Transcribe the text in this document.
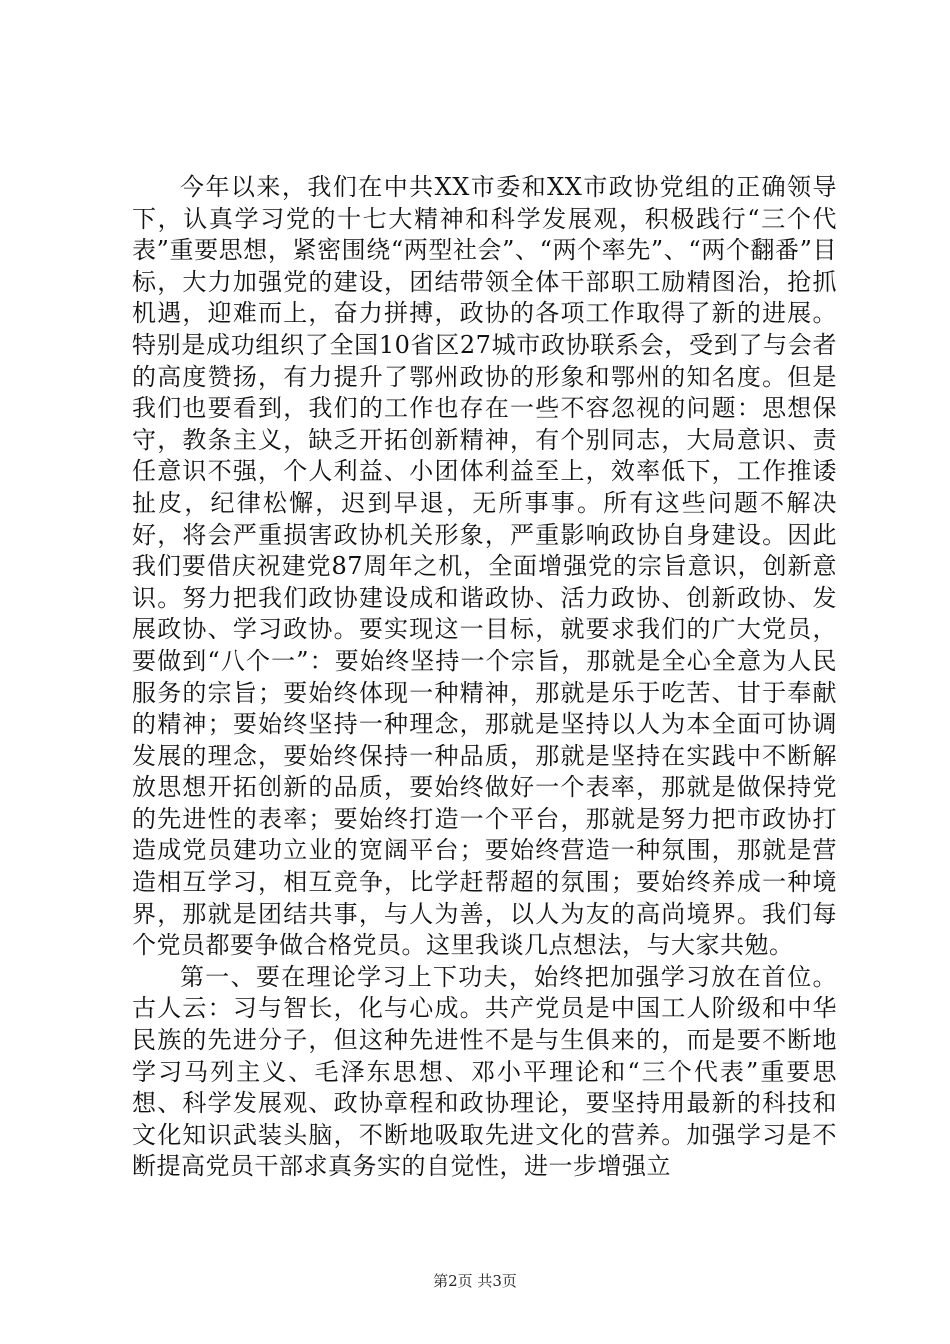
今年以来，我们在中共XX市委和XX市政协党组的正确领导下，认真学习党的十七大精神和科学发展观，积极践行“三个代表”重要思想，紧密围绕“两型社会”、“两个率先”、“两个翻番”目标，大力加强党的建设，团结带领全体干部职工励精图治，抢抓机遇，迎难而上，奋力拼搏，政协的各项工作取得了新的进展。特别是成功组织了全国10省区27城市政协联系会，受到了与会者的高度赞扬，有力提升了鄂州政协的形象和鄂州的知名度。但是我们也要看到，我们的工作也存在一些不容忽视的问题：思想保守，教条主义，缺乏开拓创新精神，有个别同志，大局意识、责任意识不强，个人利益、小团体利益至上，效率低下，工作推诿扯皮，纪律松懈，迟到早退，无所事事。所有这些问题不解决好，将会严重损害政协机关形象，严重影响政协自身建设。因此我们要借庆祝建党87周年之机，全面增强党的宗旨意识，创新意识。努力把我们政协建设成和谐政协、活力政协、创新政协、发展政协、学习政协。要实现这一目标，就要求我们的广大党员，要做到“八个一”：要始终坚持一个宗旨，那就是全心全意为人民服务的宗旨；要始终体现一种精神，那就是乐于吃苦、甘于奉献的精神；要始终坚持一种理念，那就是坚持以人为本全面可协调发展的理念，要始终保持一种品质，那就是坚持在实践中不断解放思想开拓创新的品质，要始终做好一个表率，那就是做保持党的先进性的表率；要始终打造一个平台，那就是努力把市政协打造成党员建功立业的宽阔平台；要始终营造一种氛围，那就是营造相互学习，相互竞争，比学赶帮超的氛围；要始终养成一种境界，那就是团结共事，与人为善，以人为友的高尚境界。我们每个党员都要争做合格党员。这里我谈几点想法，与大家共勉。

第一、要在理论学习上下功夫，始终把加强学习放在首位。古人云：习与智长，化与心成。共产党员是中国工人阶级和中华民族的先进分子，但这种先进性不是与生俱来的，而是要不断地学习马列主义、毛泽东思想、邓小平理论和“三个代表”重要思想、科学发展观、政协章程和政协理论，要坚持用最新的科技和文化知识武装头脑，不断地吸取先进文化的营养。加强学习是不断提高党员干部求真务实的自觉性，进一步增强立

第2页 共3页
